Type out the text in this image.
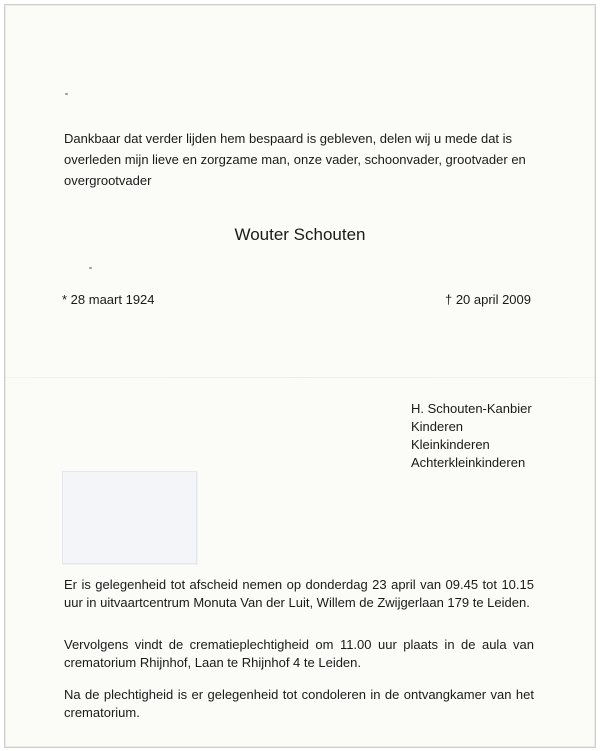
Dankbaar dat verder lijden hem bespaard is gebleven, delen wij u mede dat is overleden mijn lieve en zorgzame man, onze vader, schoonvader, grootvader en overgrootvader

Wouter Schouten

* 28 maart 1924	† 20 april 2009

H. Schouten-Kanbier
Kinderen
Kleinkinderen
Achterkleinkinderen

Er is gelegenheid tot afscheid nemen op donderdag 23 april van 09.45 tot 10.15 uur in uitvaartcentrum Monuta Van der Luit, Willem de Zwijgerlaan 179 te Leiden.

Vervolgens vindt de crematieplechtigheid om 11.00 uur plaats in de aula van crematorium Rhijnhof, Laan te Rhijnhof 4 te Leiden.

Na de plechtigheid is er gelegenheid tot condoleren in de ontvangkamer van het crematorium.
